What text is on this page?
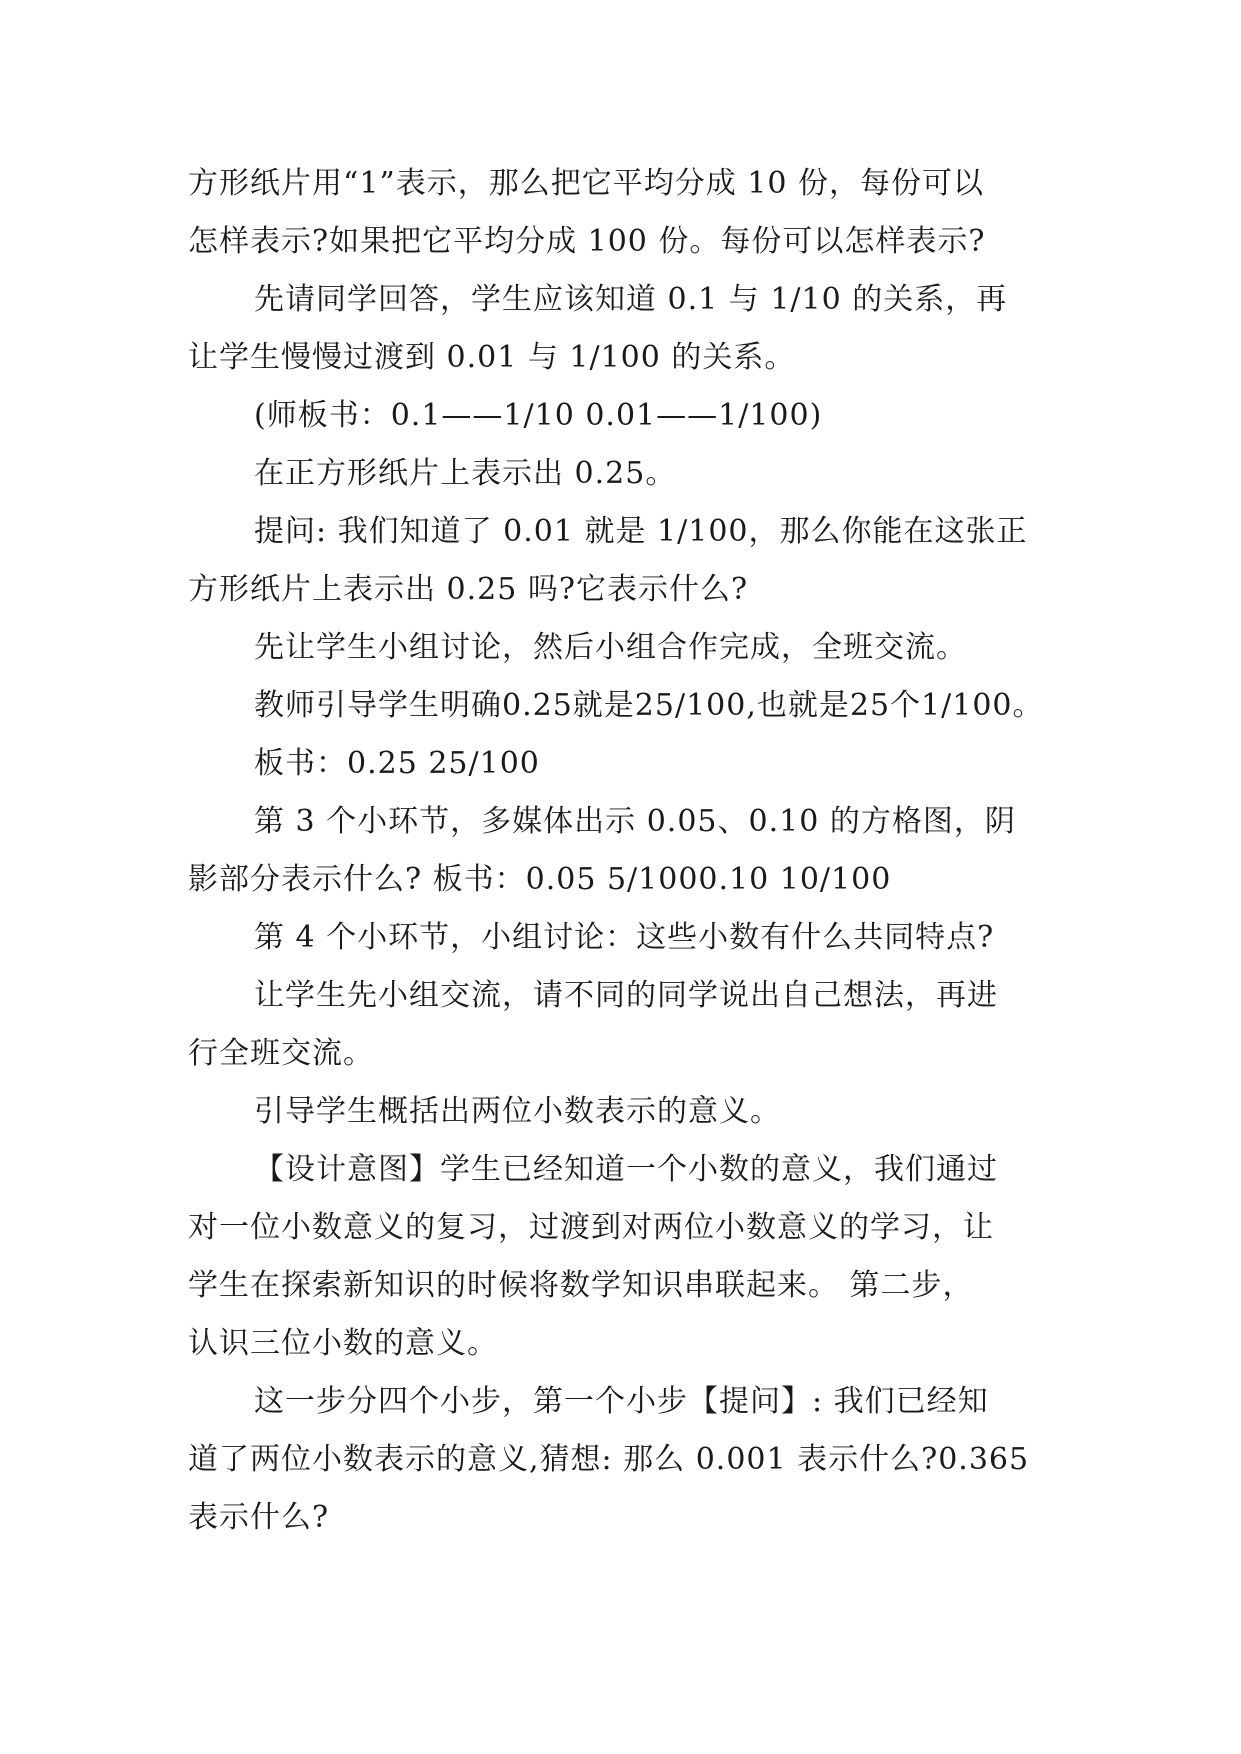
方形纸片用“1”表示，那么把它平均分成 10 份，每份可以
怎样表示?如果把它平均分成 100 份。每份可以怎样表示?
先请同学回答，学生应该知道 0.1 与 1/10 的关系，再
让学生慢慢过渡到 0.01 与 1/100 的关系。
(师板书：0.1——1/10 0.01——1/100)
在正方形纸片上表示出 0.25。
提问: 我们知道了 0.01 就是 1/100，那么你能在这张正
方形纸片上表示出 0.25 吗?它表示什么?
先让学生小组讨论，然后小组合作完成，全班交流。
教师引导学生明确0.25就是25/100,也就是25个1/100。
板书：0.25 25/100
第 3 个小环节，多媒体出示 0.05、0.10 的方格图，阴
影部分表示什么? 板书：0.05 5/1000.10 10/100
第 4 个小环节，小组讨论：这些小数有什么共同特点?
让学生先小组交流，请不同的同学说出自己想法，再进
行全班交流。
引导学生概括出两位小数表示的意义。
【设计意图】学生已经知道一个小数的意义，我们通过
对一位小数意义的复习，过渡到对两位小数意义的学习，让
学生在探索新知识的时候将数学知识串联起来。 第二步，
认识三位小数的意义。
这一步分四个小步，第一个小步【提问】: 我们已经知
道了两位小数表示的意义,猜想: 那么 0.001 表示什么?0.365
表示什么?
